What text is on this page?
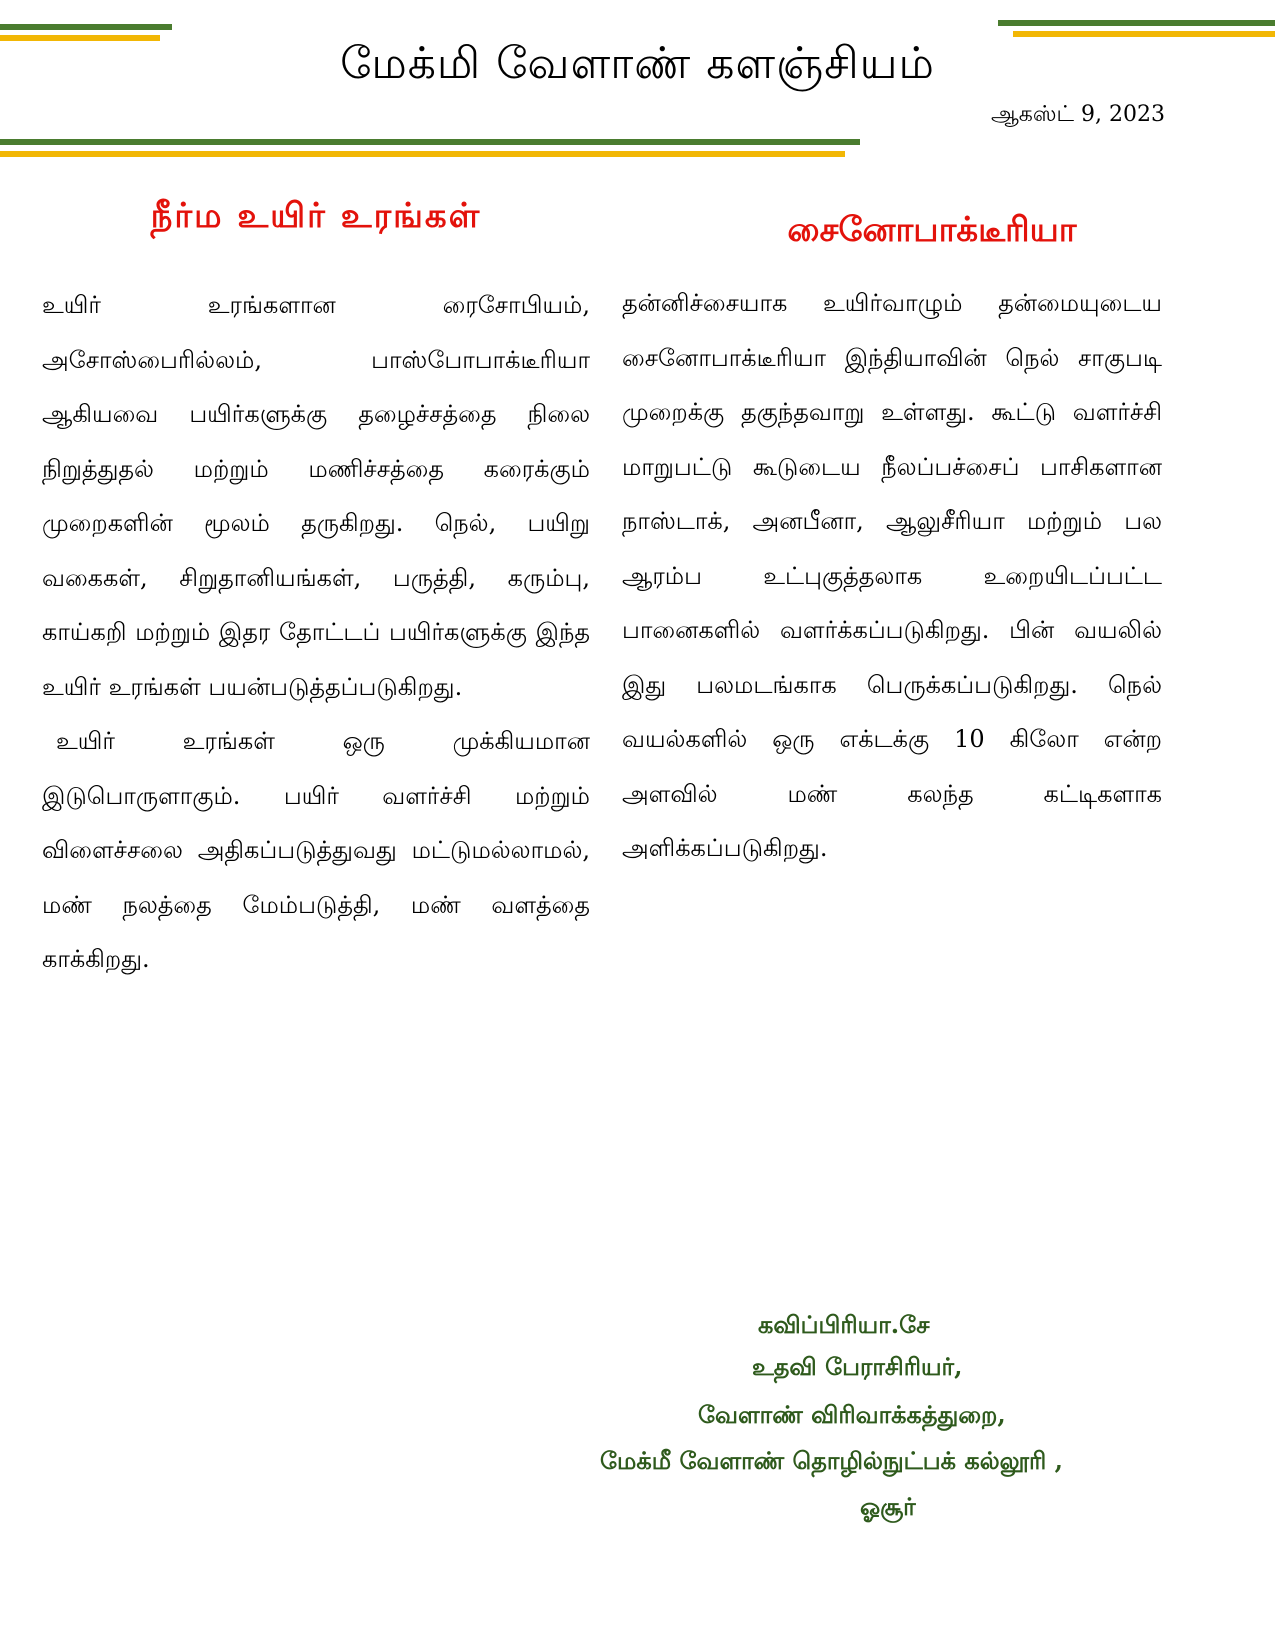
மேக்மி வேளாண் களஞ்சியம்
ஆகஸ்ட் 9, 2023
நீர்ம உயிர் உரங்கள்

உயிர் உரங்களான ரைசோபியம், அசோஸ்பைரில்லம், பாஸ்போபாக்டீரியா ஆகியவை பயிர்களுக்கு தழைச்சத்தை நிலை நிறுத்துதல் மற்றும் மணிச்சத்தை கரைக்கும் முறைகளின் மூலம் தருகிறது. நெல், பயிறு வகைகள், சிறுதானியங்கள், பருத்தி, கரும்பு, காய்கறி மற்றும் இதர தோட்டப் பயிர்களுக்கு இந்த உயிர் உரங்கள் பயன்படுத்தப்படுகிறது.

உயிர் உரங்கள் ஒரு முக்கியமான இடுபொருளாகும். பயிர் வளர்ச்சி மற்றும் விளைச்சலை அதிகப்படுத்துவது மட்டுமல்லாமல், மண் நலத்தை மேம்படுத்தி, மண் வளத்தை காக்கிறது.

சைனோபாக்டீரியா

தன்னிச்சையாக உயிர்வாழும் தன்மையுடைய சைனோபாக்டீரியா இந்தியாவின் நெல் சாகுபடி முறைக்கு தகுந்தவாறு உள்ளது. கூட்டு வளர்ச்சி மாறுபட்டு கூடுடைய நீலப்பச்சைப் பாசிகளான நாஸ்டாக், அனபீனா, ஆலுசீரியா மற்றும் பல ஆரம்ப உட்புகுத்தலாக உறையிடப்பட்ட பானைகளில் வளர்க்கப்படுகிறது. பின் வயலில் இது பலமடங்காக பெருக்கப்படுகிறது. நெல் வயல்களில் ஒரு எக்டக்கு 10 கிலோ என்ற அளவில் மண் கலந்த கட்டிகளாக அளிக்கப்படுகிறது.

கவிப்பிரியா.சே
உதவி பேராசிரியர்,
வேளாண் விரிவாக்கத்துறை,
மேக்மீ வேளாண் தொழில்நுட்பக் கல்லூரி ,
ஓசூர்
